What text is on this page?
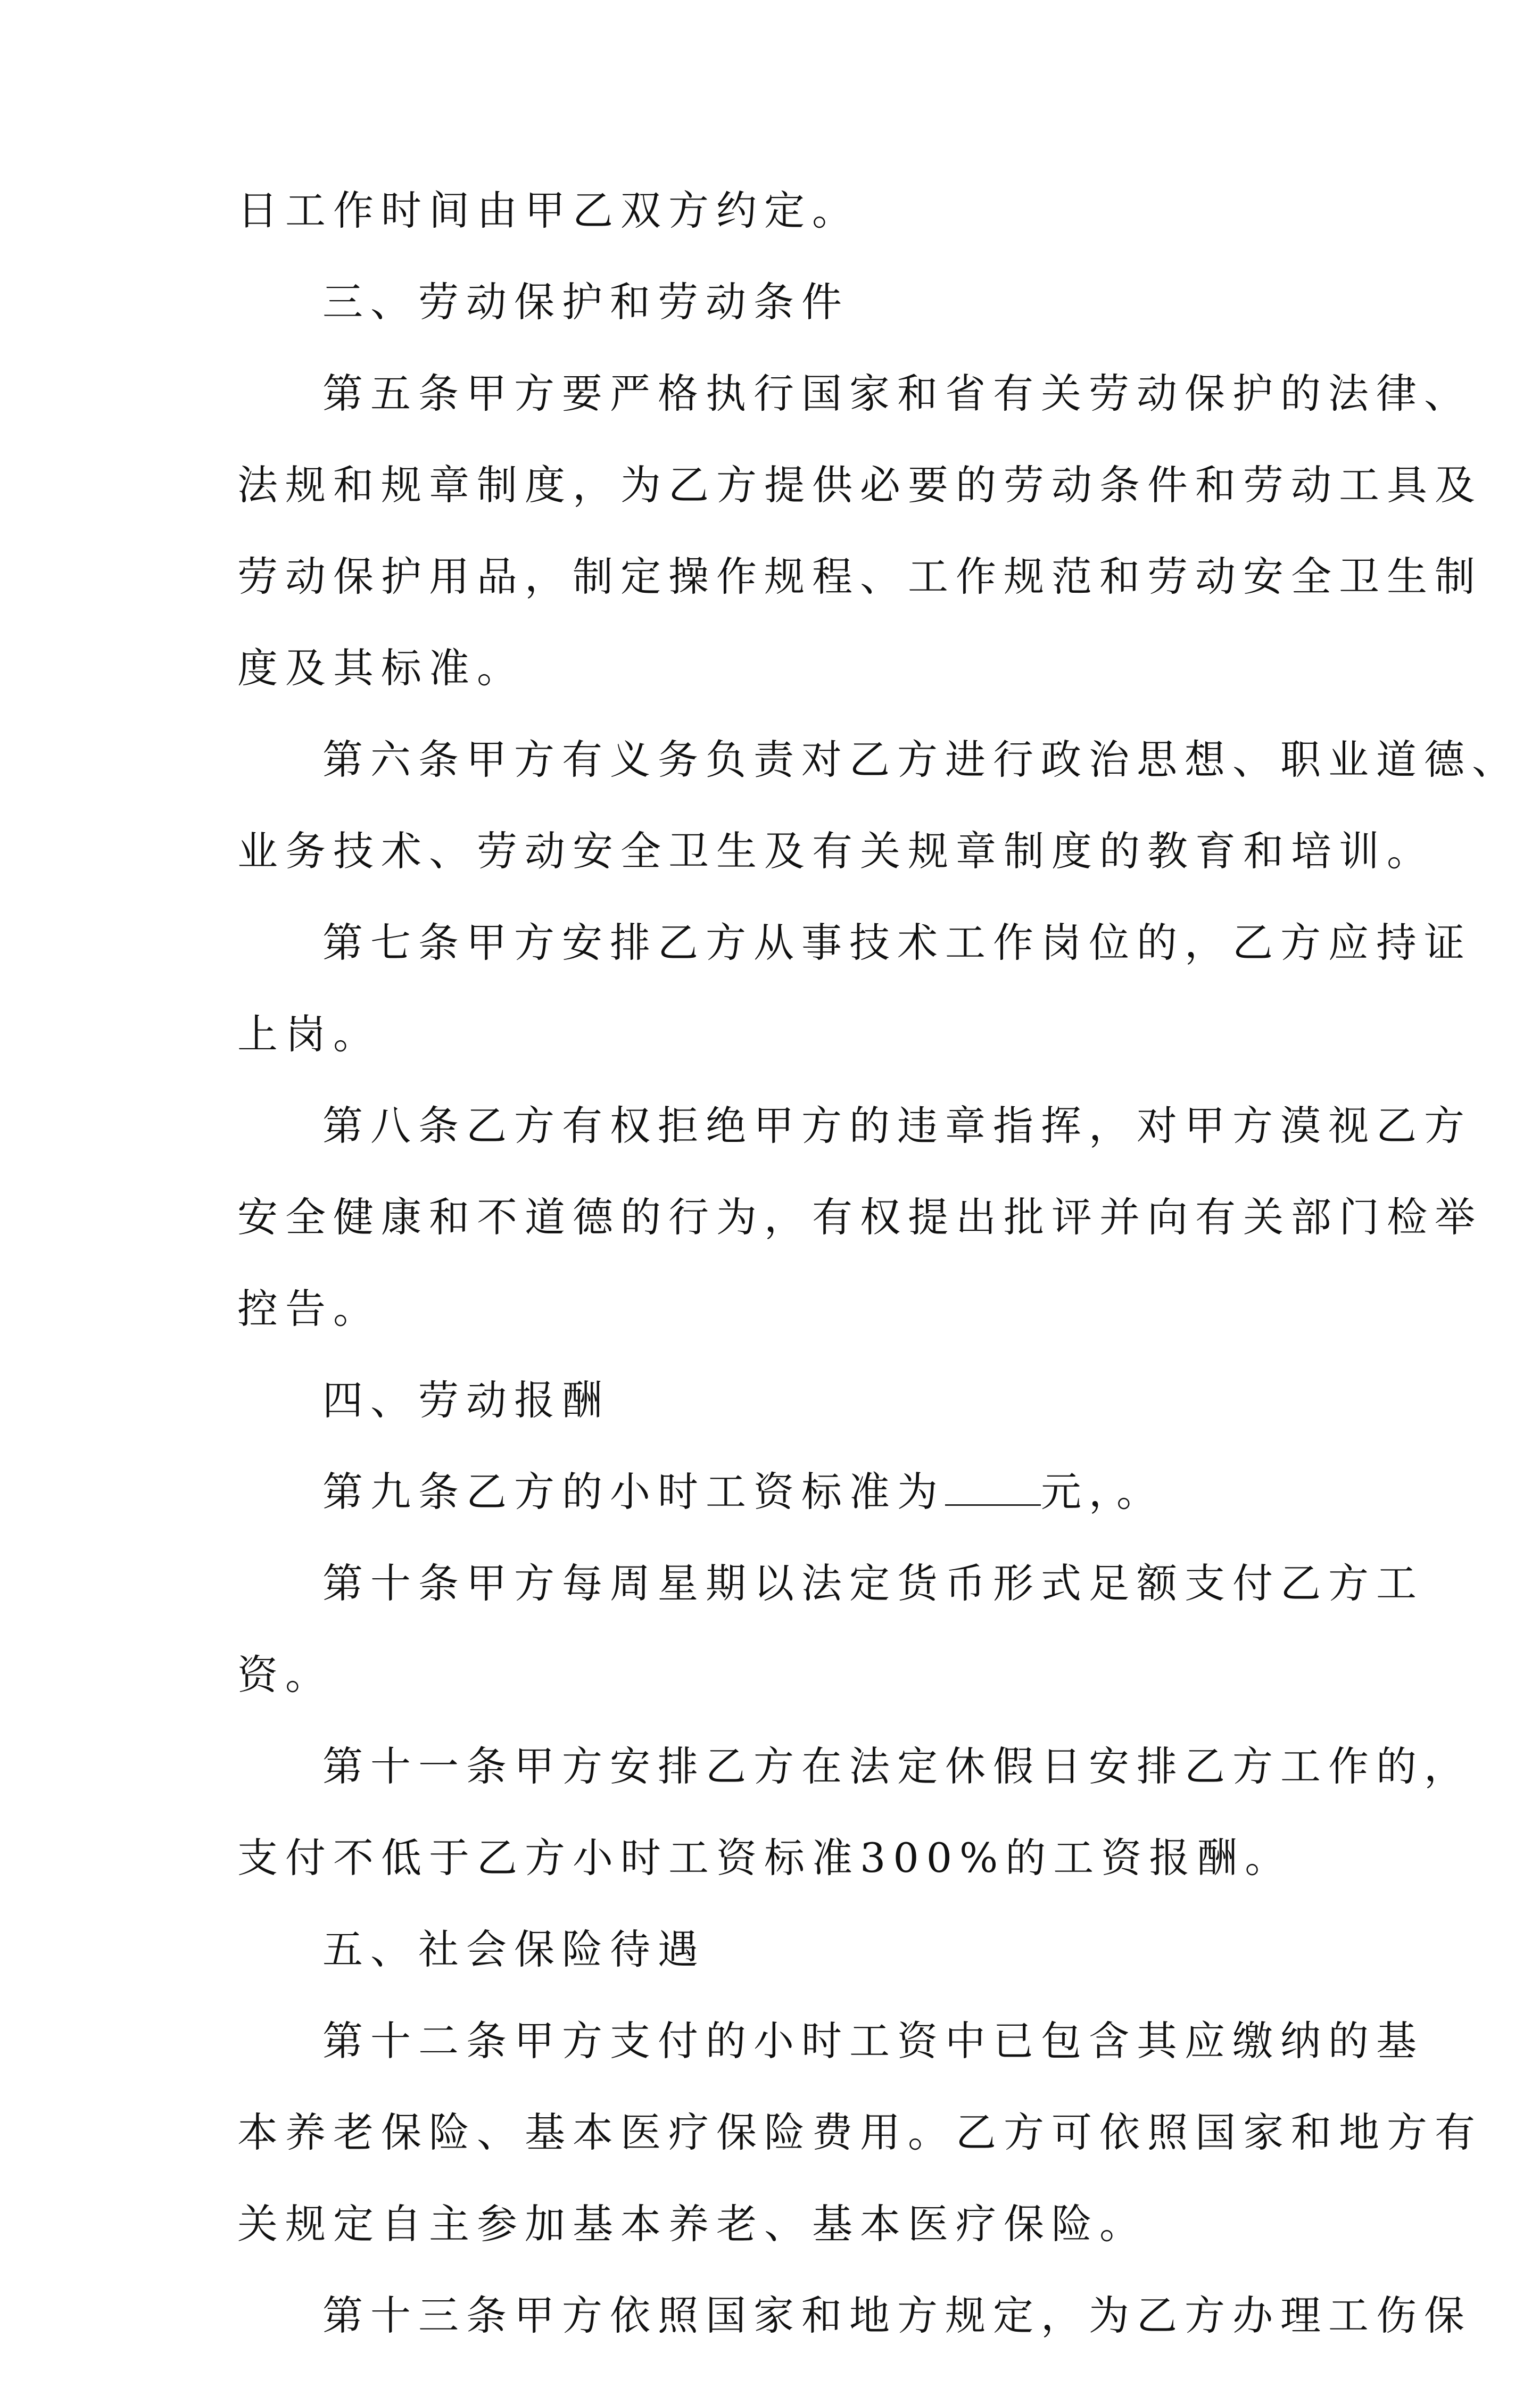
日工作时间由甲乙双方约定。
三、劳动保护和劳动条件
第五条甲方要严格执行国家和省有关劳动保护的法律、
法规和规章制度，为乙方提供必要的劳动条件和劳动工具及
劳动保护用品，制定操作规程、工作规范和劳动安全卫生制
度及其标准。
第六条甲方有义务负责对乙方进行政治思想、职业道德、
业务技术、劳动安全卫生及有关规章制度的教育和培训。
第七条甲方安排乙方从事技术工作岗位的，乙方应持证
上岗。
第八条乙方有权拒绝甲方的违章指挥，对甲方漠视乙方
安全健康和不道德的行为，有权提出批评并向有关部门检举
控告。
四、劳动报酬
第九条乙方的小时工资标准为 元，。
第十条甲方每周星期以法定货币形式足额支付乙方工
资。
第十一条甲方安排乙方在法定休假日安排乙方工作的，
支付不低于乙方小时工资标准300%的工资报酬。
五、社会保险待遇
第十二条甲方支付的小时工资中已包含其应缴纳的基
本养老保险、基本医疗保险费用。乙方可依照国家和地方有
关规定自主参加基本养老、基本医疗保险。
第十三条甲方依照国家和地方规定，为乙方办理工伤保
